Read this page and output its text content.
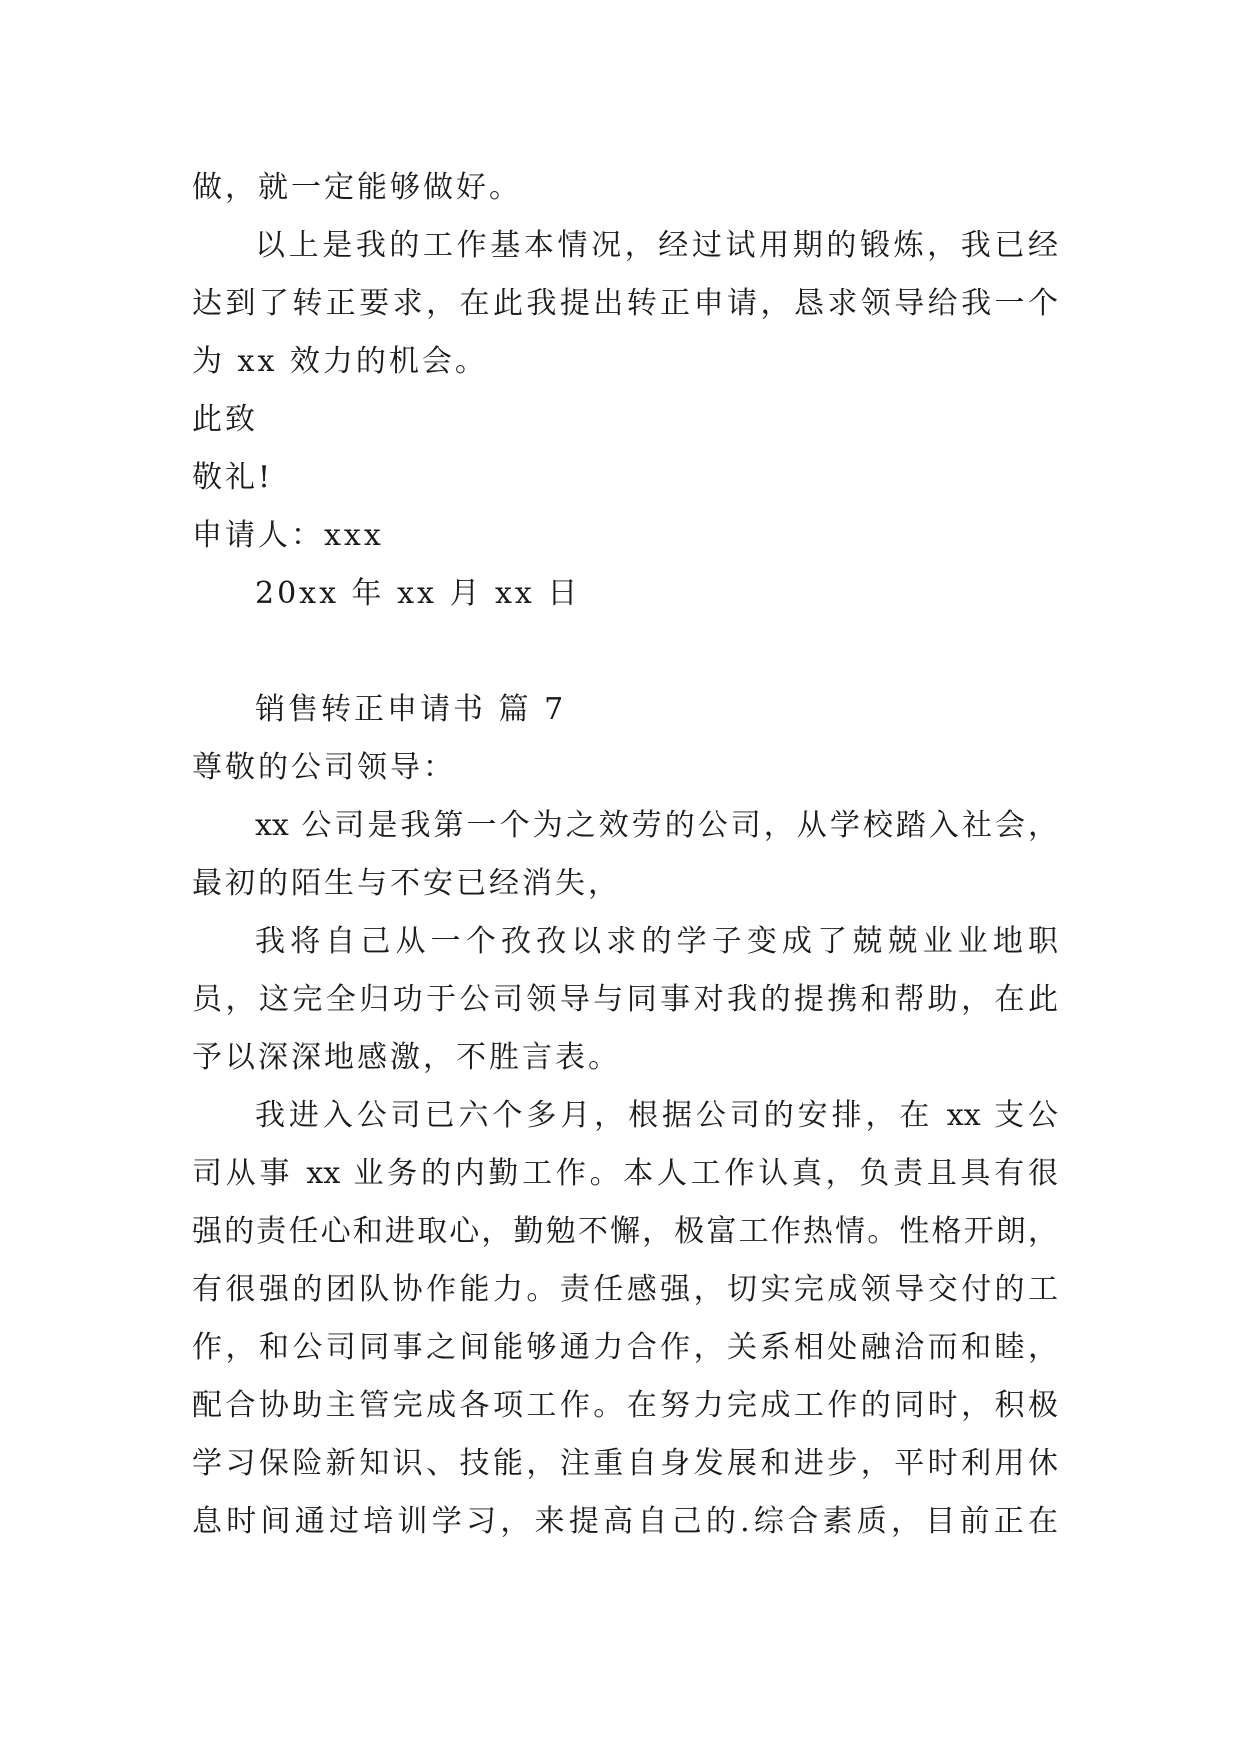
做，就一定能够做好。
以上是我的工作基本情况，经过试用期的锻炼，我已经
达到了转正要求，在此我提出转正申请，恳求领导给我一个
为 xx 效力的机会。
此致
敬礼!
申请人：xxx
20xx 年 xx 月 xx 日
销售转正申请书 篇 7
尊敬的公司领导：
xx 公司是我第一个为之效劳的公司，从学校踏入社会，
最初的陌生与不安已经消失，
我将自己从一个孜孜以求的学子变成了兢兢业业地职
员，这完全归功于公司领导与同事对我的提携和帮助，在此
予以深深地感激，不胜言表。
我进入公司已六个多月，根据公司的安排，在 xx 支公
司从事 xx 业务的内勤工作。本人工作认真，负责且具有很
强的责任心和进取心，勤勉不懈，极富工作热情。性格开朗，
有很强的团队协作能力。责任感强，切实完成领导交付的工
作，和公司同事之间能够通力合作，关系相处融洽而和睦，
配合协助主管完成各项工作。在努力完成工作的同时，积极
学习保险新知识、技能，注重自身发展和进步，平时利用休
息时间通过培训学习，来提高自己的.综合素质，目前正在
